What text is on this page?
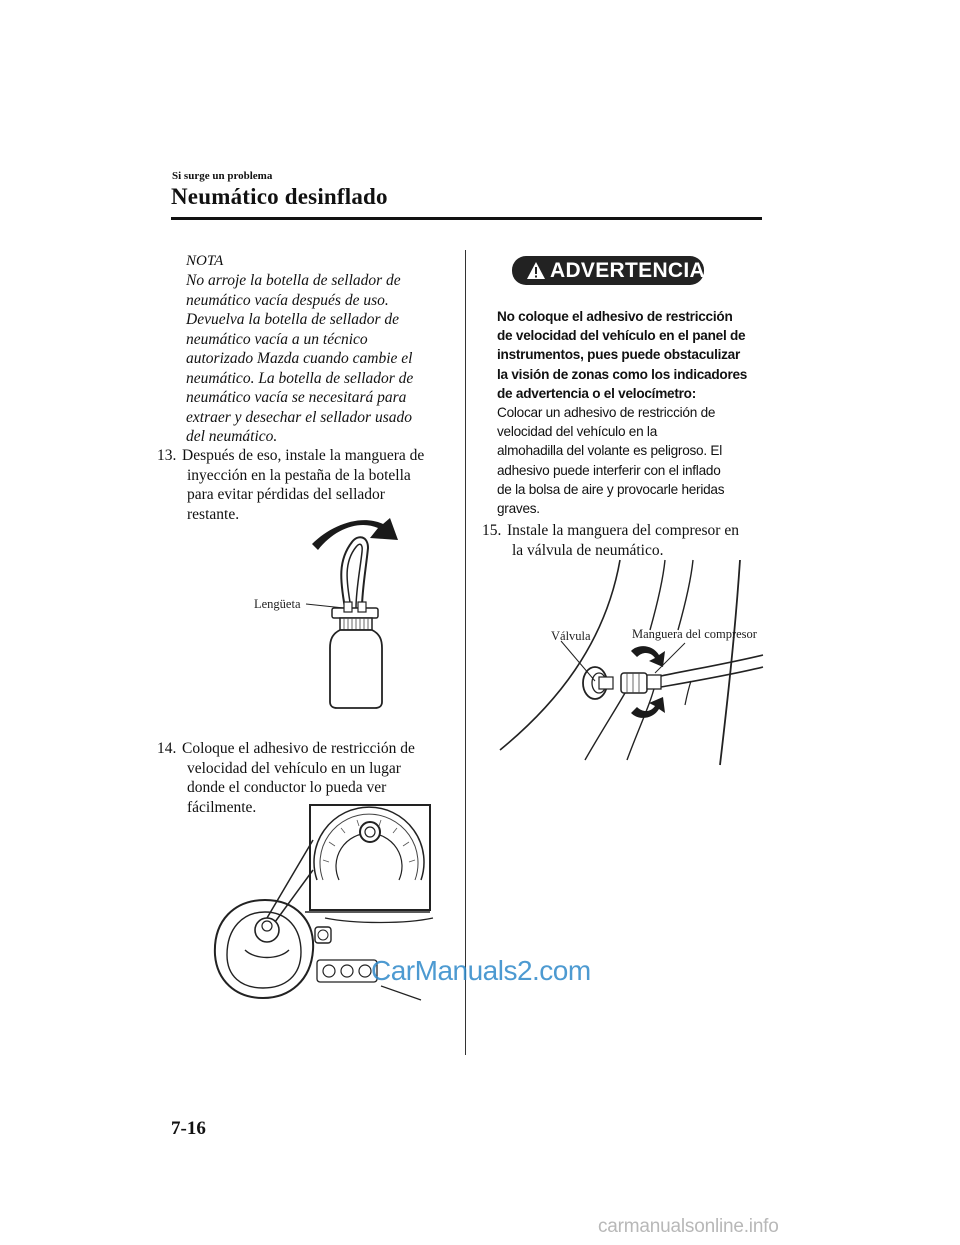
Si surge un problema
Neumático desinflado
NOTA
No arroje la botella de sellador de
neumático vacía después de uso.
Devuelva la botella de sellador de
neumático vacía a un técnico
autorizado Mazda cuando cambie el
neumático. La botella de sellador de
neumático vacía se necesitará para
extraer y desechar el sellador usado
del neumático.
13. Después de eso, instale la manguera de
inyección en la pestaña de la botella
para evitar pérdidas del sellador
restante.
Lengüeta
14. Coloque el adhesivo de restricción de
velocidad del vehículo en un lugar
donde el conductor lo pueda ver
fácilmente.
CarManuals2.com
ADVERTENCIA
No coloque el adhesivo de restricción
de velocidad del vehículo en el panel de
instrumentos, pues puede obstaculizar
la visión de zonas como los indicadores
de advertencia o el velocímetro:
Colocar un adhesivo de restricción de
velocidad del vehículo en la
almohadilla del volante es peligroso. El
adhesivo puede interferir con el inflado
de la bolsa de aire y provocarle heridas
graves.
15. Instale la manguera del compresor en
la válvula de neumático.
Válvula	Manguera del compresor
7-16
carmanualsonline.info
